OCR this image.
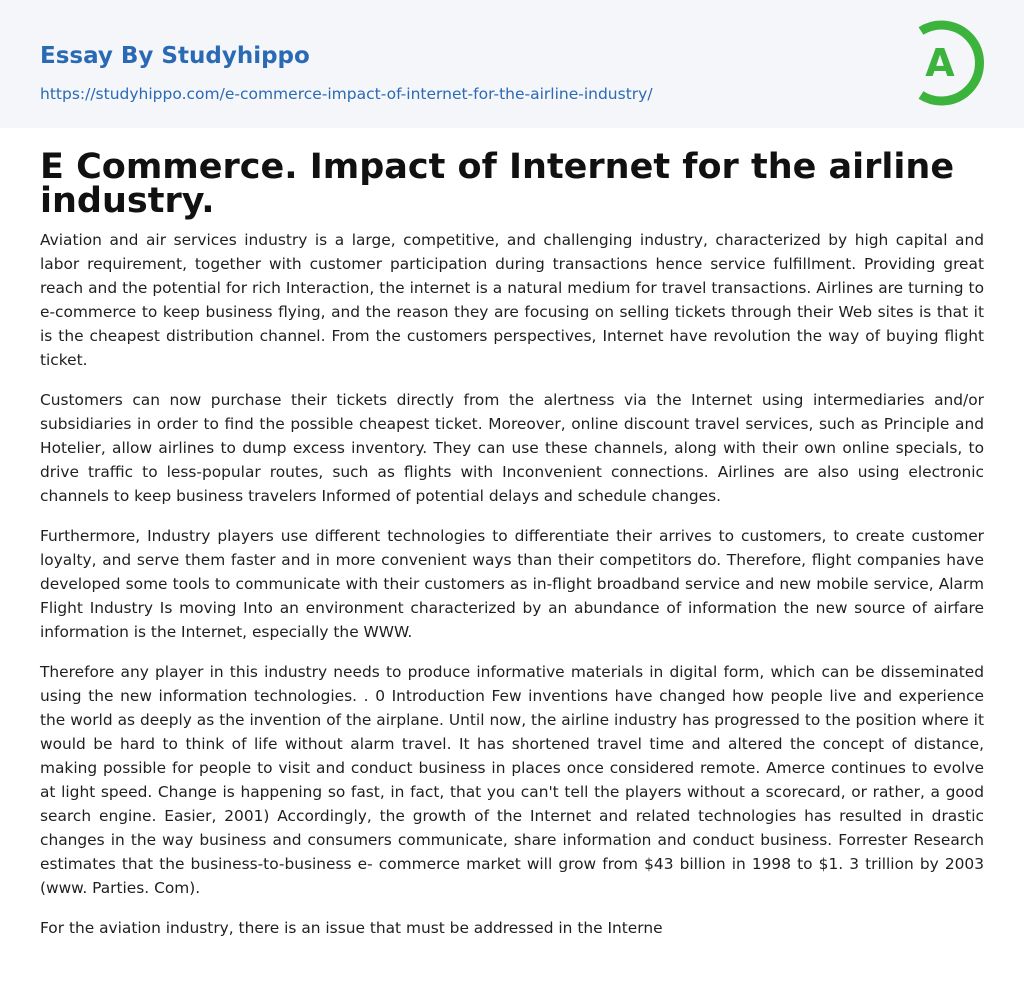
Essay By Studyhippo
https://studyhippo.com/e-commerce-impact-of-internet-for-the-airline-industry/
A
E Commerce. Impact of Internet for the airline industry.

Aviation and air services industry is a large, competitive, and challenging industry, characterized by high capital and labor requirement, together with customer participation during transactions hence service fulfillment. Providing great reach and the potential for rich Interaction, the internet is a natural medium for travel transactions. Airlines are turning to e-commerce to keep business flying, and the reason they are focusing on selling tickets through their Web sites is that it is the cheapest distribution channel. From the customers perspectives, Internet have revolution the way of buying flight ticket.

Customers can now purchase their tickets directly from the alertness via the Internet using intermediaries and/or subsidiaries in order to find the possible cheapest ticket. Moreover, online discount travel services, such as Principle and Hotelier, allow airlines to dump excess inventory. They can use these channels, along with their own online specials, to drive traffic to less-popular routes, such as flights with Inconvenient connections. Airlines are also using electronic channels to keep business travelers Informed of potential delays and schedule changes.

Furthermore, Industry players use different technologies to differentiate their arrives to customers, to create customer loyalty, and serve them faster and in more convenient ways than their competitors do. Therefore, flight companies have developed some tools to communicate with their customers as in-flight broadband service and new mobile service, Alarm Flight Industry Is moving Into an environment characterized by an abundance of information the new source of airfare information is the Internet, especially the WWW.

Therefore any player in this industry needs to produce informative materials in digital form, which can be disseminated using the new information technologies. . 0 Introduction Few inventions have changed how people live and experience the world as deeply as the invention of the airplane. Until now, the airline industry has progressed to the position where it would be hard to think of life without alarm travel. It has shortened travel time and altered the concept of distance, making possible for people to visit and conduct business in places once considered remote. Amerce continues to evolve at light speed. Change is happening so fast, in fact, that you can't tell the players without a scorecard, or rather, a good search engine. Easier, 2001) Accordingly, the growth of the Internet and related technologies has resulted in drastic changes in the way business and consumers communicate, share information and conduct business. Forrester Research estimates that the business-to-business e- commerce market will grow from $43 billion in 1998 to $1. 3 trillion by 2003 (www. Parties. Com).

For the aviation industry, there is an issue that must be addressed in the Interne
